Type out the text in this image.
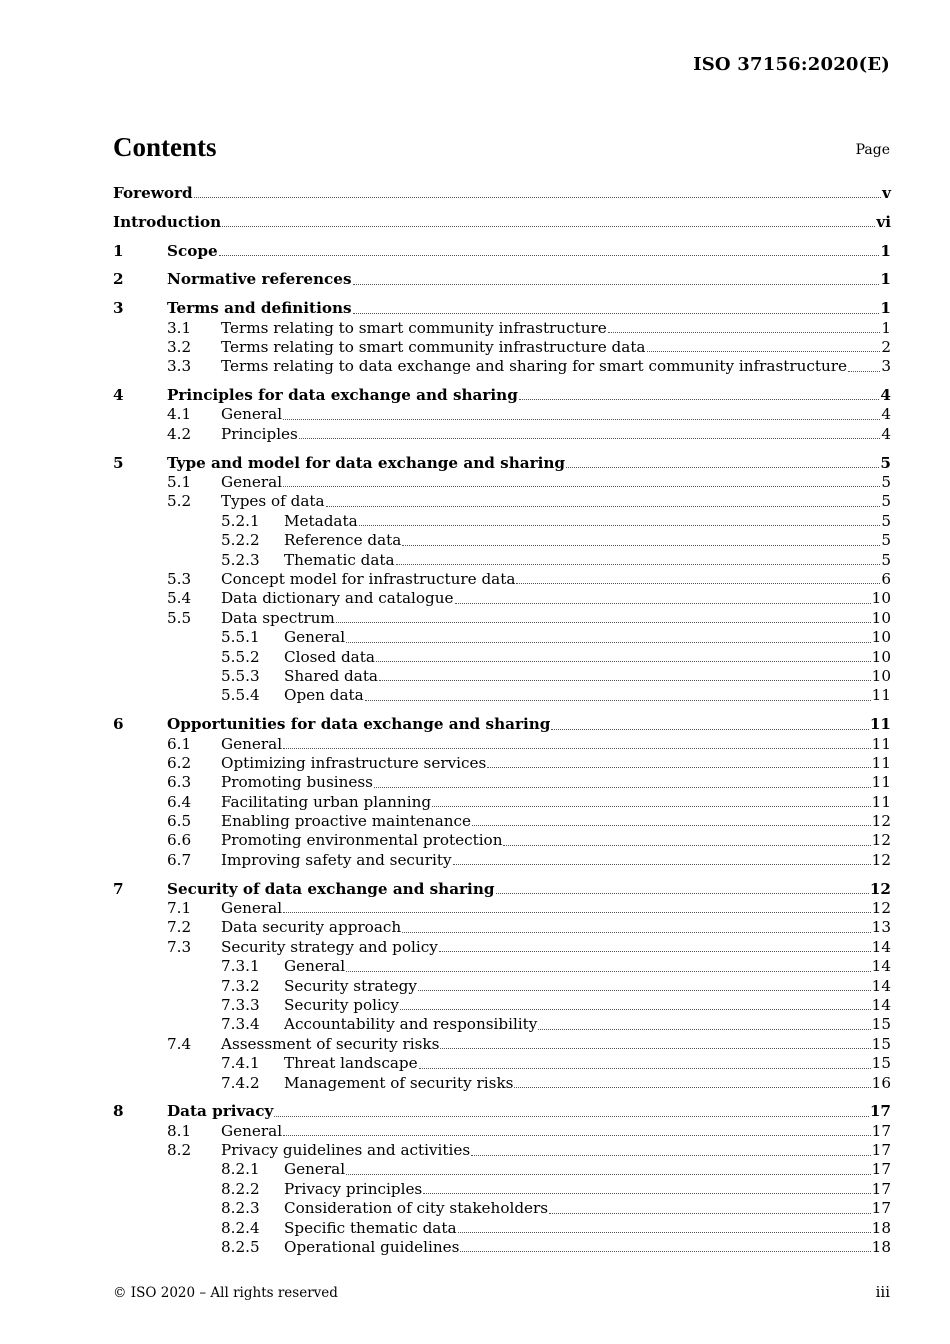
ISO 37156:2020(E)
Contents	Page
Foreword	v
Introduction	vi
1	Scope	1
2	Normative references	1
3	Terms and definitions	1
3.1 Terms relating to smart community infrastructure	1
3.2 Terms relating to smart community infrastructure data	2
3.3 Terms relating to data exchange and sharing for smart community infrastructure 3
4	Principles for data exchange and sharing	4
4.1 General	4
4.2 Principles	4
5	Type and model for data exchange and sharing	5
5.1 General	5
5.2 Types of data	5
5.2.1 Metadata	5
5.2.2 Reference data	5
5.2.3 Thematic data	5
5.3 Concept model for infrastructure data	6
5.4 Data dictionary and catalogue	10
5.5 Data spectrum	10
5.5.1 General	10
5.5.2 Closed data	10
5.5.3 Shared data	10
5.5.4 Open data	11
6	Opportunities for data exchange and sharing	11
6.1 General	11
6.2 Optimizing infrastructure services	11
6.3 Promoting business	11
6.4 Facilitating urban planning	11
6.5 Enabling proactive maintenance	12
6.6 Promoting environmental protection	12
6.7 Improving safety and security	12
7	Security of data exchange and sharing	12
7.1 General	12
7.2 Data security approach	13
7.3 Security strategy and policy	14
7.3.1 General	14
7.3.2 Security strategy	14
7.3.3 Security policy	14
7.3.4 Accountability and responsibility	15
7.4 Assessment of security risks	15
7.4.1 Threat landscape	15
7.4.2 Management of security risks	16
8	Data privacy	17
8.1 General	17
8.2 Privacy guidelines and activities	17
8.2.1 General	17
8.2.2 Privacy principles	17
8.2.3 Consideration of city stakeholders	17
8.2.4 Specific thematic data	18
8.2.5 Operational guidelines	18
© ISO 2020 – All rights reserved	iii
